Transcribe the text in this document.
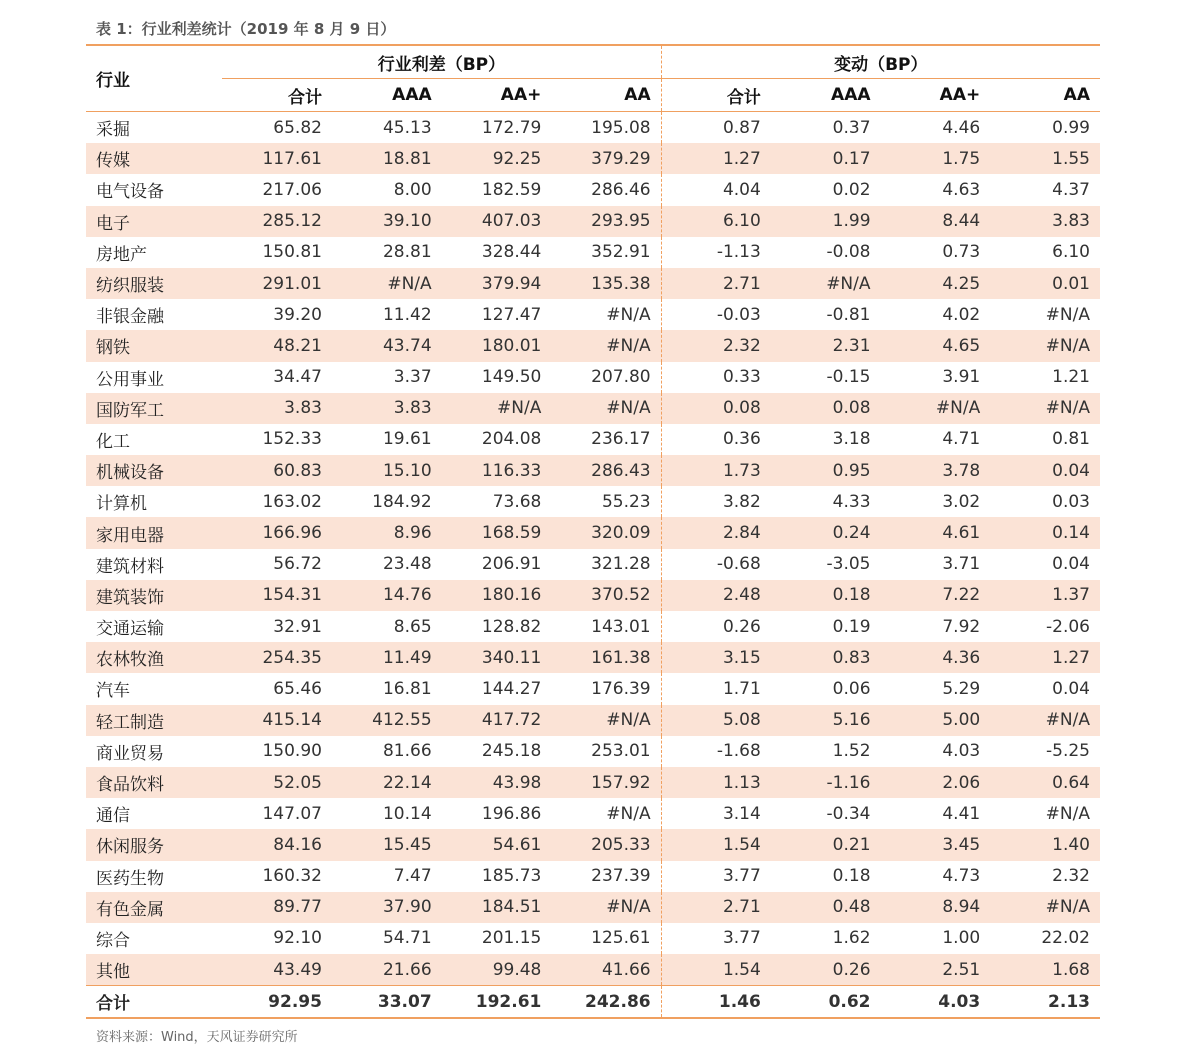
表 1：行业利差统计（2019 年 8 月 9 日）
行业	行业利差（BP）				变动（BP）			
	合计	AAA	AA+	AA	合计	AAA	AA+	AA
采掘	65.82	45.13	172.79	195.08	0.87	0.37	4.46	0.99
传媒	117.61	18.81	92.25	379.29	1.27	0.17	1.75	1.55
电气设备	217.06	8.00	182.59	286.46	4.04	0.02	4.63	4.37
电子	285.12	39.10	407.03	293.95	6.10	1.99	8.44	3.83
房地产	150.81	28.81	328.44	352.91	-1.13	-0.08	0.73	6.10
纺织服装	291.01	#N/A	379.94	135.38	2.71	#N/A	4.25	0.01
非银金融	39.20	11.42	127.47	#N/A	-0.03	-0.81	4.02	#N/A
钢铁	48.21	43.74	180.01	#N/A	2.32	2.31	4.65	#N/A
公用事业	34.47	3.37	149.50	207.80	0.33	-0.15	3.91	1.21
国防军工	3.83	3.83	#N/A	#N/A	0.08	0.08	#N/A	#N/A
化工	152.33	19.61	204.08	236.17	0.36	3.18	4.71	0.81
机械设备	60.83	15.10	116.33	286.43	1.73	0.95	3.78	0.04
计算机	163.02	184.92	73.68	55.23	3.82	4.33	3.02	0.03
家用电器	166.96	8.96	168.59	320.09	2.84	0.24	4.61	0.14
建筑材料	56.72	23.48	206.91	321.28	-0.68	-3.05	3.71	0.04
建筑装饰	154.31	14.76	180.16	370.52	2.48	0.18	7.22	1.37
交通运输	32.91	8.65	128.82	143.01	0.26	0.19	7.92	-2.06
农林牧渔	254.35	11.49	340.11	161.38	3.15	0.83	4.36	1.27
汽车	65.46	16.81	144.27	176.39	1.71	0.06	5.29	0.04
轻工制造	415.14	412.55	417.72	#N/A	5.08	5.16	5.00	#N/A
商业贸易	150.90	81.66	245.18	253.01	-1.68	1.52	4.03	-5.25
食品饮料	52.05	22.14	43.98	157.92	1.13	-1.16	2.06	0.64
通信	147.07	10.14	196.86	#N/A	3.14	-0.34	4.41	#N/A
休闲服务	84.16	15.45	54.61	205.33	1.54	0.21	3.45	1.40
医药生物	160.32	7.47	185.73	237.39	3.77	0.18	4.73	2.32
有色金属	89.77	37.90	184.51	#N/A	2.71	0.48	8.94	#N/A
综合	92.10	54.71	201.15	125.61	3.77	1.62	1.00	22.02
其他	43.49	21.66	99.48	41.66	1.54	0.26	2.51	1.68
合计	92.95	33.07	192.61	242.86	1.46	0.62	4.03	2.13
资料来源：Wind，天风证券研究所
